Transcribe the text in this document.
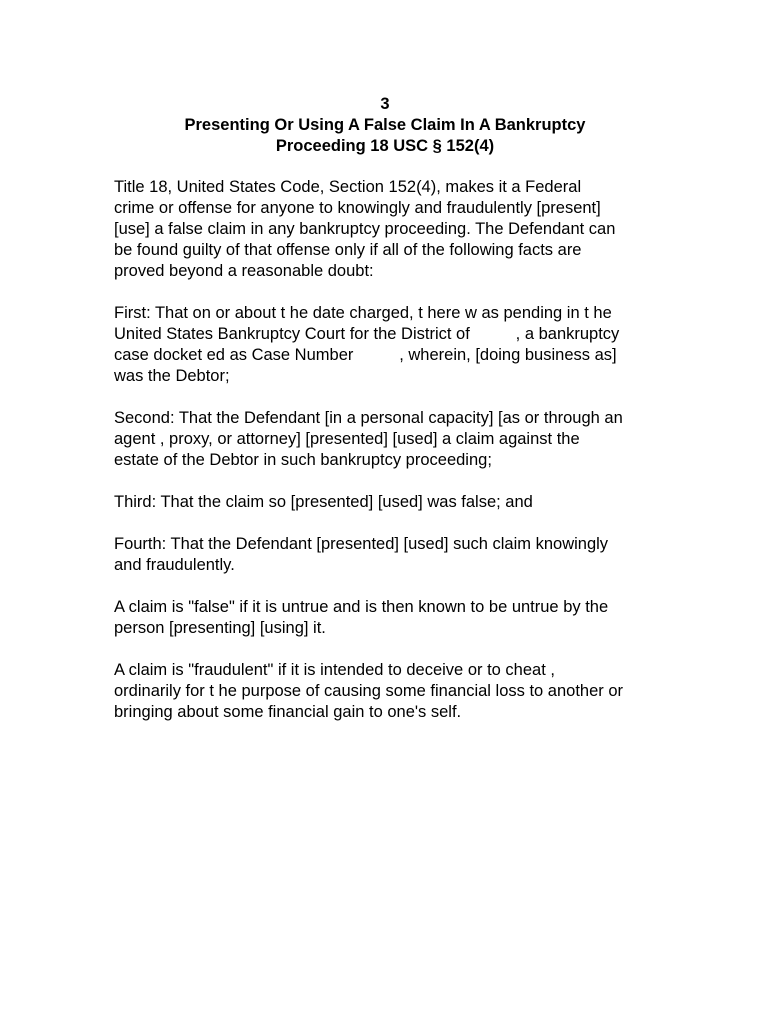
3
Presenting Or Using A False Claim In A Bankruptcy
Proceeding 18 USC § 152(4)
Title 18, United States Code, Section 152(4), makes it a Federal
crime or offense for anyone to knowingly and fraudulently [present]
[use] a false claim in any bankruptcy proceeding. The Defendant can
be found guilty of that offense only if all of the following facts are
proved beyond a reasonable doubt:
First: That on or about t he date charged, t here w as pending in t he
United States Bankruptcy Court for the District of          , a bankruptcy
case docket ed as Case Number          , wherein, [doing business as]
was the Debtor;
Second: That the Defendant [in a personal capacity] [as or through an
agent , proxy, or attorney] [presented] [used] a claim against the
estate of the Debtor in such bankruptcy proceeding;
Third: That the claim so [presented] [used] was false; and
Fourth: That the Defendant [presented] [used] such claim knowingly
and fraudulently.
A claim is "false" if it is untrue and is then known to be untrue by the
person [presenting] [using] it.
A claim is "fraudulent" if it is intended to deceive or to cheat ,
ordinarily for t he purpose of causing some financial loss to another or
bringing about some financial gain to one's self.
